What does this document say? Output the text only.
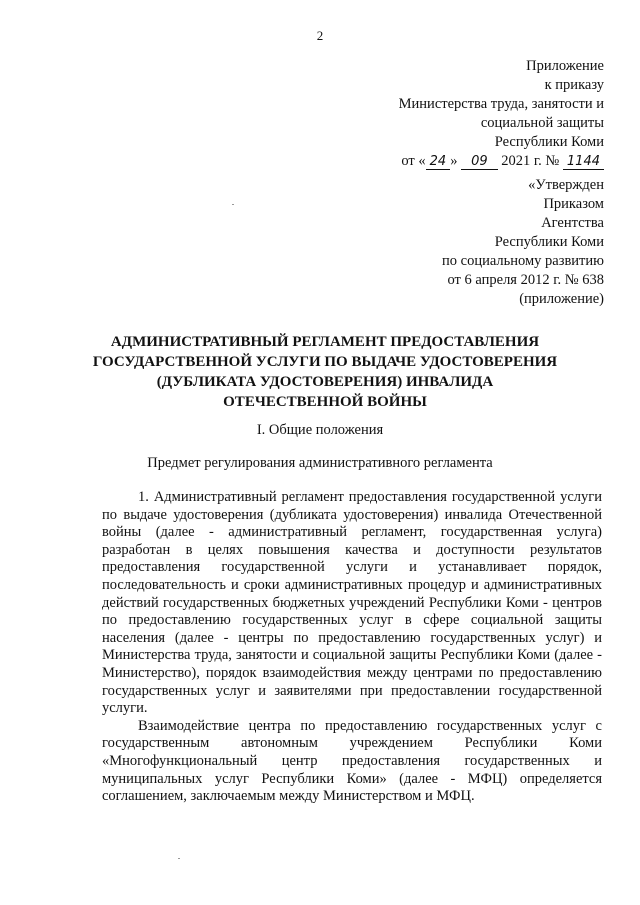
2
Приложение
к приказу
Министерства труда, занятости и
социальной защиты
Республики Коми
от « 24 » 09 2021 г. № 1144
«Утвержден
Приказом
Агентства
Республики Коми
по социальному развитию
от 6 апреля 2012 г. № 638
(приложение)
АДМИНИСТРАТИВНЫЙ РЕГЛАМЕНТ ПРЕДОСТАВЛЕНИЯ ГОСУДАРСТВЕННОЙ УСЛУГИ ПО ВЫДАЧЕ УДОСТОВЕРЕНИЯ (ДУБЛИКАТА УДОСТОВЕРЕНИЯ) ИНВАЛИДА ОТЕЧЕСТВЕННОЙ ВОЙНЫ
I. Общие положения
Предмет регулирования административного регламента

1. Административный регламент предоставления государственной услуги по выдаче удостоверения (дубликата удостоверения) инвалида Отечественной войны (далее - административный регламент, государственная услуга) разработан в целях повышения качества и доступности результатов предоставления государственной услуги и устанавливает порядок, последовательность и сроки административных процедур и административных действий государственных бюджетных учреждений Республики Коми - центров по предоставлению государственных услуг в сфере социальной защиты населения (далее - центры по предоставлению государственных услуг) и Министерства труда, занятости и социальной защиты Республики Коми (далее - Министерство), порядок взаимодействия между центрами по предоставлению государственных услуг и заявителями при предоставлении государственной услуги.

Взаимодействие центра по предоставлению государственных услуг с государственным автономным учреждением Республики Коми «Многофункциональный центр предоставления государственных и муниципальных услуг Республики Коми» (далее - МФЦ) определяется соглашением, заключаемым между Министерством и МФЦ.
